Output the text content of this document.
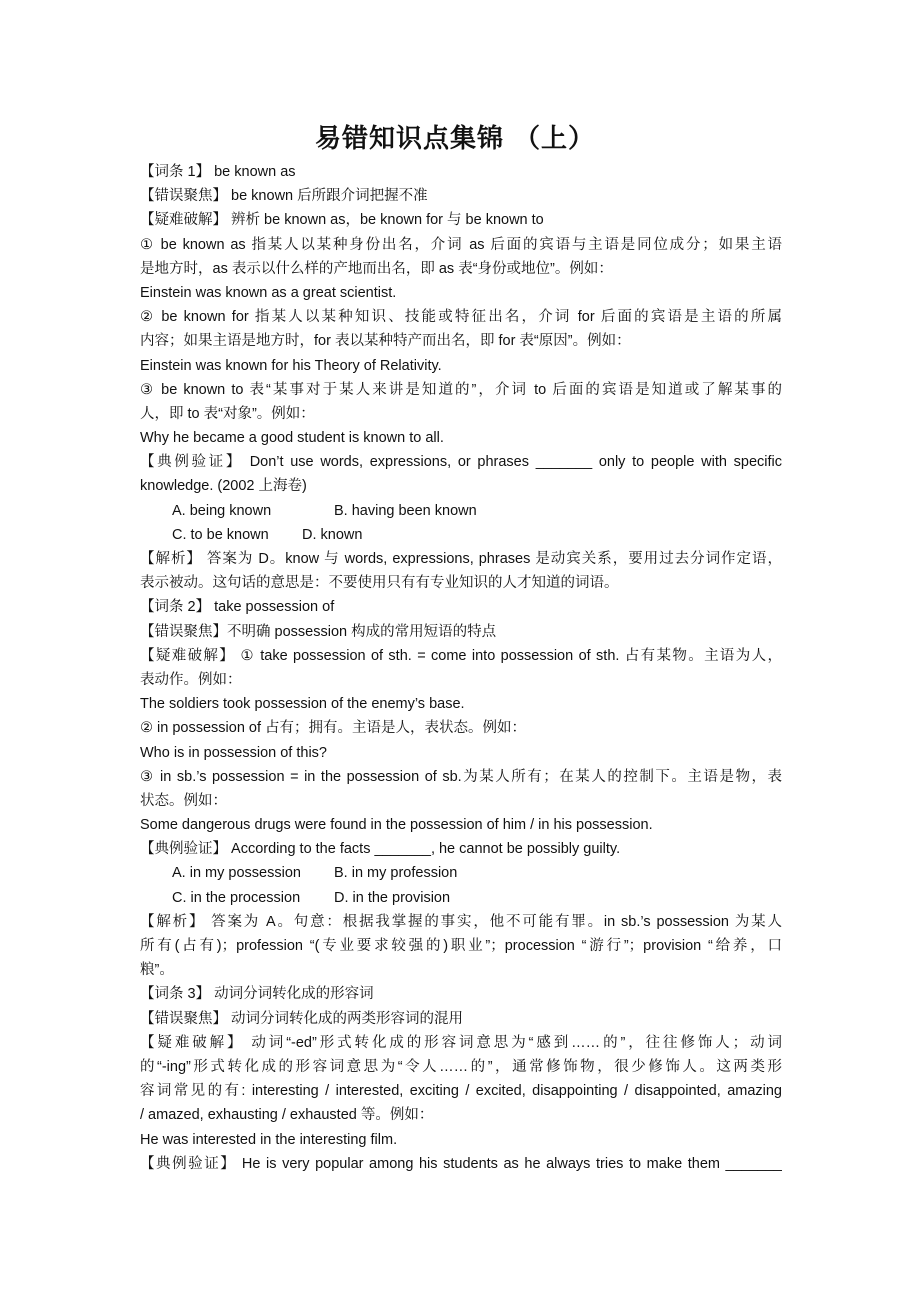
易错知识点集锦 （上）
【词条 1】 be known as
【错误聚焦】 be known 后所跟介词把握不准
【疑难破解】 辨析 be known as，be known for 与 be known to
① be known as 指某人以某种身份出名，介词 as 后面的宾语与主语是同位成分；如果主语
是地方时，as 表示以什么样的产地而出名，即 as 表“身份或地位”。例如：
Einstein was known as a great scientist.
② be known for 指某人以某种知识、技能或特征出名，介词 for 后面的宾语是主语的所属
内容；如果主语是地方时，for 表以某种特产而出名，即 for 表“原因”。例如：
Einstein was known for his Theory of Relativity.
③ be known to 表“某事对于某人来讲是知道的”，介词 to 后面的宾语是知道或了解某事的
人，即 to 表“对象”。例如：
Why he became a good student is known to all.
【典例验证】 Don’t use words, expressions, or phrases _______ only to people with specific
knowledge. (2002 上海卷)
A. being known	B. having been known
C. to be known D. known
【解析】 答案为 D。know 与 words, expressions, phrases 是动宾关系，要用过去分词作定语，
表示被动。这句话的意思是：不要使用只有有专业知识的人才知道的词语。
【词条 2】 take possession of
【错误聚焦】不明确 possession 构成的常用短语的特点
【疑难破解】 ① take possession of sth. = come into possession of sth. 占有某物。主语为人，
表动作。例如：
The soldiers took possession of the enemy’s base.
② in possession of 占有；拥有。主语是人，表状态。例如：
Who is in possession of this?
③ in sb.’s possession = in the possession of sb.为某人所有；在某人的控制下。主语是物，表
状态。例如：
Some dangerous drugs were found in the possession of him / in his possession.
【典例验证】 According to the facts _______, he cannot be possibly guilty.
A. in my possession B. in my profession
C. in the procession D. in the provision
【解析】 答案为 A。句意：根据我掌握的事实，他不可能有罪。in sb.’s possession 为某人
所有(占有)；profession “(专业要求较强的)职业”；procession “游行”；provision “给养，口
粮”。
【词条 3】 动词分词转化成的形容词
【错误聚焦】 动词分词转化成的两类形容词的混用
【疑难破解】 动词“-ed”形式转化成的形容词意思为“感到……的”，往往修饰人；动词
的“-ing”形式转化成的形容词意思为“令人……的”，通常修饰物，很少修饰人。这两类形
容词常见的有: interesting / interested, exciting / excited, disappointing / disappointed, amazing
/ amazed, exhausting / exhausted 等。例如：
He was interested in the interesting film.
【典例验证】 He is very popular among his students as he always tries to make them _______
